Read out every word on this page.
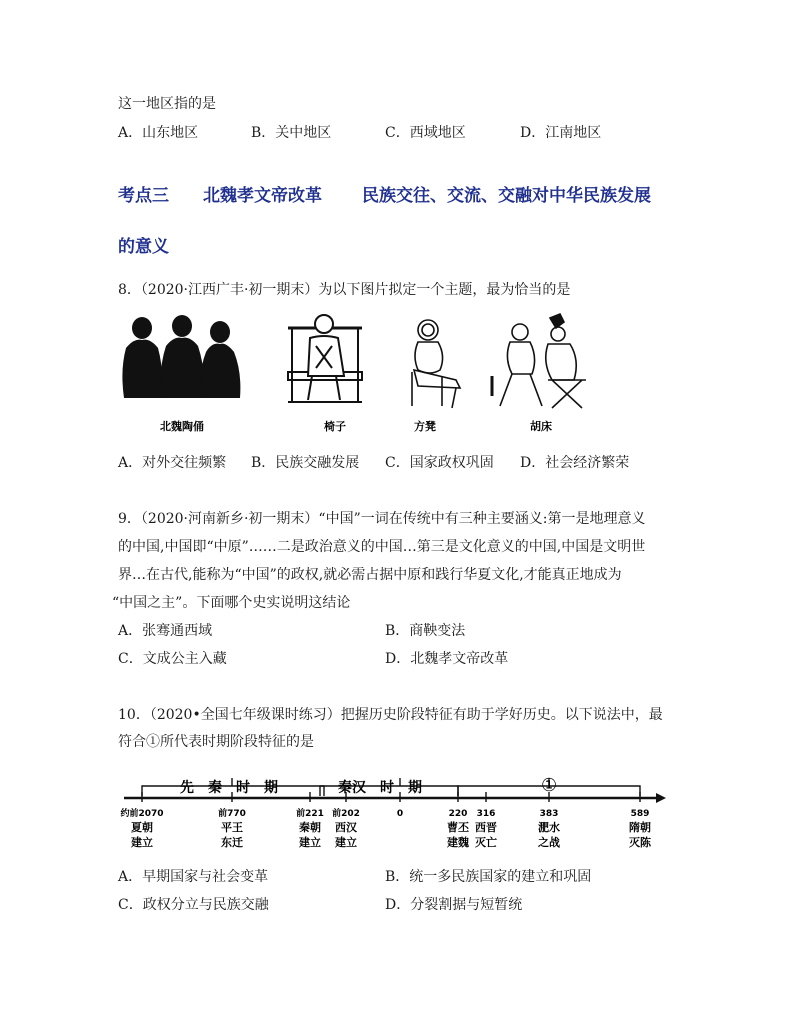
这一地区指的是
A．山东地区	B．关中地区	C．西域地区	D．江南地区
考点三 北魏孝文帝改革 民族交往、交流、交融对中华民族发展
的意义
8．（2020·江西广丰·初一期末）为以下图片拟定一个主题，最为恰当的是
北魏陶俑	椅子	方凳	胡床
A．对外交往频繁 B．民族交融发展 C．国家政权巩固 D．社会经济繁荣
9．（2020·河南新乡·初一期末）“中国”一词在传统中有三种主要涵义:第一是地理意义
的中国,中国即“中原”……二是政治意义的中国…第三是文化意义的中国,中国是文明世
界…在古代,能称为“中国”的政权,就必需占据中原和践行华夏文化,才能真正地成为
“中国之主”。下面哪个史实说明这结论
A．张骞通西域	B．商鞅变法
C．文成公主入藏	D．北魏孝文帝改革
10．（2020•全国七年级课时练习）把握历史阶段特征有助于学好历史。以下说法中，最
符合①所代表时期阶段特征的是
先　秦　时　期	秦汉　时　期	①
约前2070
夏朝
建立
前770
平王
东迁
前221
秦朝
建立
前202
西汉
建立
0	220
曹丕
建魏
316
西晋
灭亡
383
淝水
之战
589
隋朝
灭陈
A．早期国家与社会变革	B．统一多民族国家的建立和巩固
C．政权分立与民族交融	D．分裂割据与短暂统
